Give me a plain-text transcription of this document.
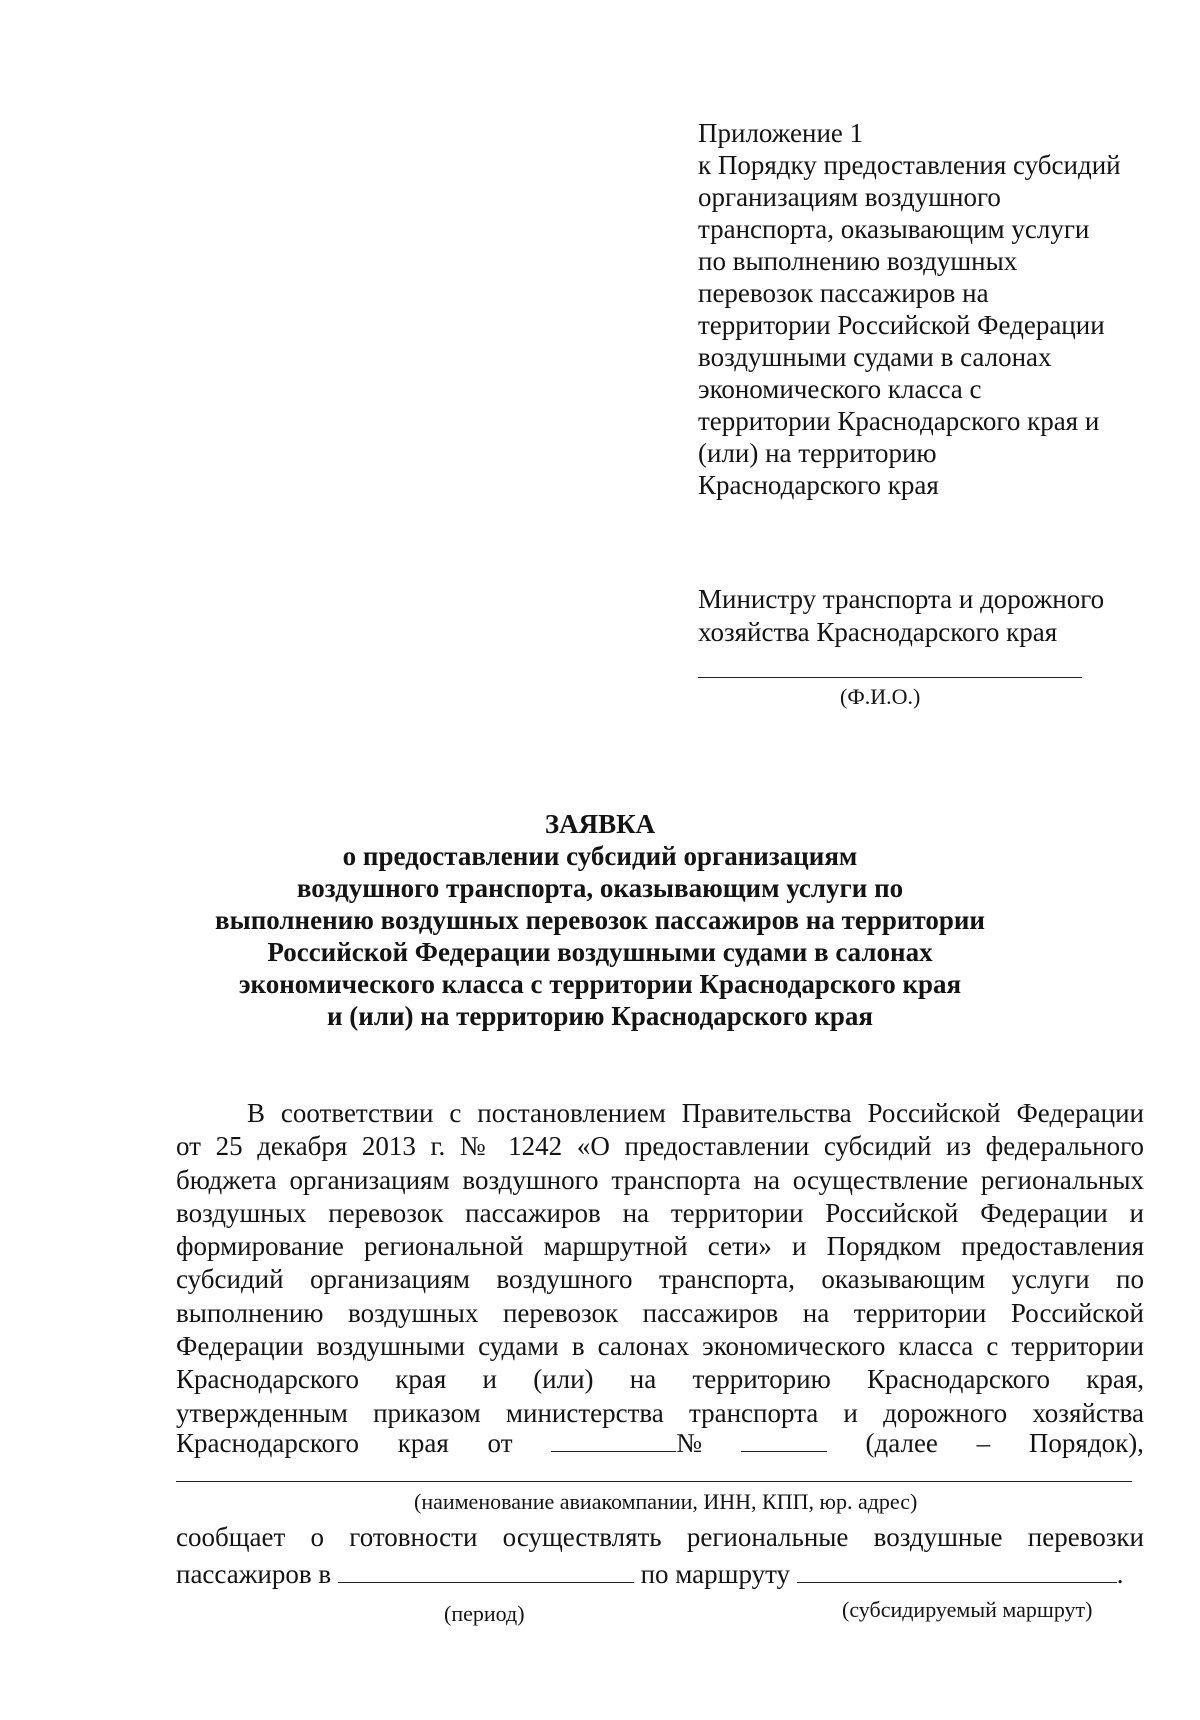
Приложение 1
к Порядку предоставления субсидий
организациям воздушного
транспорта, оказывающим услуги
по выполнению воздушных
перевозок пассажиров на
территории Российской Федерации
воздушными судами в салонах
экономического класса с
территории Краснодарского края и
(или) на территорию
Краснодарского края
Министру транспорта и дорожного
хозяйства Краснодарского края
(Ф.И.О.)
ЗАЯВКА
о предоставлении субсидий организациям
воздушного транспорта, оказывающим услуги по
выполнению воздушных перевозок пассажиров на территории
Российской Федерации воздушными судами в салонах
экономического класса с территории Краснодарского края
и (или) на территорию Краснодарского края
В соответствии с постановлением Правительства Российской Федерации
от 25 декабря 2013 г. № 1242 «О предоставлении субсидий из федерального
бюджета организациям воздушного транспорта на осуществление региональных
воздушных перевозок пассажиров на территории Российской Федерации и
формирование региональной маршрутной сети» и Порядком предоставления
субсидий организациям воздушного транспорта, оказывающим услуги по
выполнению воздушных перевозок пассажиров на территории Российской
Федерации воздушными судами в салонах экономического класса с территории
Краснодарского края и (или) на территорию Краснодарского края,
утвержденным приказом министерства транспорта и дорожного хозяйства
Краснодарского края от	№	(далее – Порядок),
(наименование авиакомпании, ИНН, КПП, юр. адрес)
сообщает о готовности осуществлять региональные воздушные перевозки
пассажиров в	по маршруту	.
(период)	(субсидируемый маршрут)
